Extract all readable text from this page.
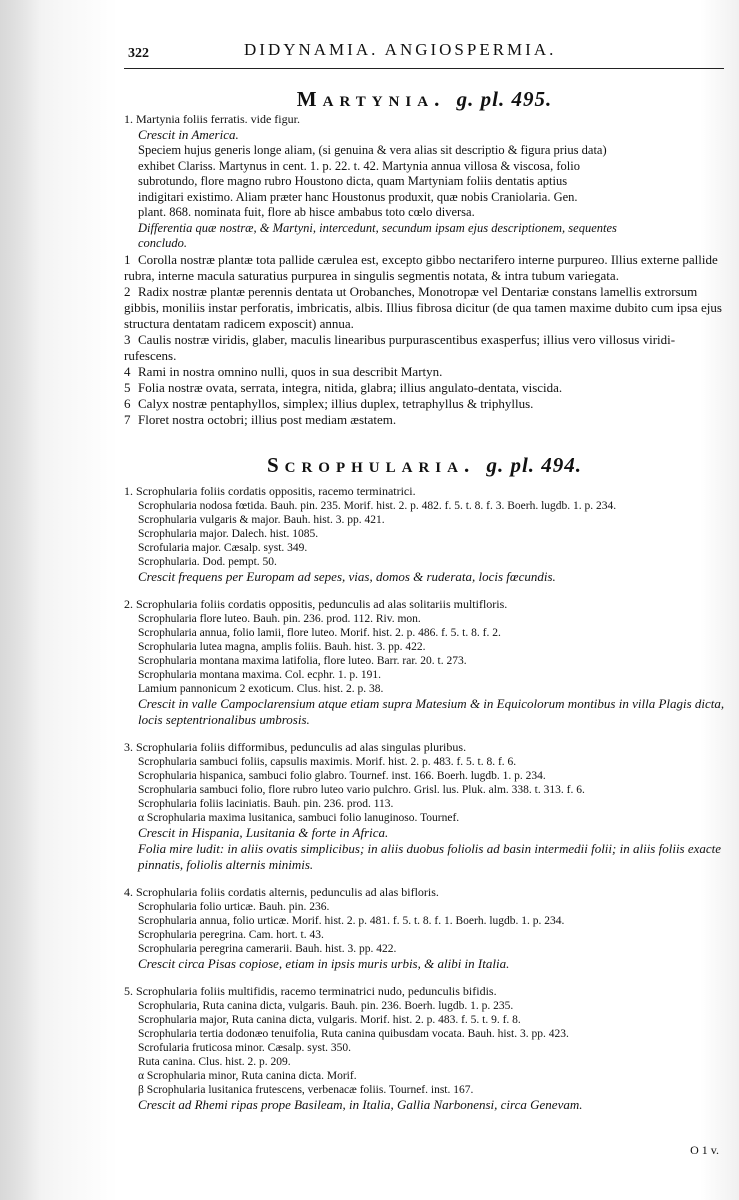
322	DIDYNAMIA. ANGIOSPERMIA.
Martynia. g. pl. 495.

1. Martynia foliis ferratis. vide figur.

Crescit in America.

Speciem hujus generis longe aliam, (si genuina & vera alias sit descriptio & figura prius data)

exhibet Clariss. Martynus in cent. 1. p. 22. t. 42. Martynia annua villosa & viscosa, folio

subrotundo, flore magno rubro Houstono dicta, quam Martyniam foliis dentatis aptius

indigitari existimo. Aliam præter hanc Houstonus produxit, quæ nobis Craniolaria. Gen.

plant. 868. nominata fuit, flore ab hisce ambabus toto cœlo diversa.

Differentia quæ nostræ, & Martyni, intercedunt, secundum ipsam ejus descriptionem, sequentes

concludo.

1 Corolla nostræ plantæ tota pallide cærulea est, excepto gibbo nectarifero interne purpureo. Illius externe pallide rubra, interne macula saturatius purpurea in singulis segmentis notata, & intra tubum variegata.

2 Radix nostræ plantæ perennis dentata ut Orobanches, Monotropæ vel Dentariæ constans lamellis extrorsum gibbis, moniliis instar perforatis, imbricatis, albis. Illius fibrosa dicitur (de qua tamen maxime dubito cum ipsa ejus structura dentatam radicem exposcit) annua.

3 Caulis nostræ viridis, glaber, maculis linearibus purpurascentibus exasperfus; illius vero villosus viridi-rufescens.

4 Rami in nostra omnino nulli, quos in sua describit Martyn.

5 Folia nostræ ovata, serrata, integra, nitida, glabra; illius angulato-dentata, viscida.

6 Calyx nostræ pentaphyllos, simplex; illius duplex, tetraphyllus & triphyllus.

7 Floret nostra octobri; illius post mediam æstatem.

Scrophularia. g. pl. 494.

1. Scrophularia foliis cordatis oppositis, racemo terminatrici.

Scrophularia nodosa fœtida. Bauh. pin. 235. Morif. hist. 2. p. 482. f. 5. t. 8. f. 3. Boerh. lugdb. 1. p. 234.

Scrophularia vulgaris & major. Bauh. hist. 3. pp. 421.

Scrophularia major. Dalech. hist. 1085.

Scrofularia major. Cæsalp. syst. 349.

Scrophularia. Dod. pempt. 50.

Crescit frequens per Europam ad sepes, vias, domos & ruderata, locis fœcundis.

2. Scrophularia foliis cordatis oppositis, pedunculis ad alas solitariis multifloris.

Scrophularia flore luteo. Bauh. pin. 236. prod. 112. Riv. mon.

Scrophularia annua, folio lamii, flore luteo. Morif. hist. 2. p. 486. f. 5. t. 8. f. 2.

Scrophularia lutea magna, amplis foliis. Bauh. hist. 3. pp. 422.

Scrophularia montana maxima latifolia, flore luteo. Barr. rar. 20. t. 273.

Scrophularia montana maxima. Col. ecphr. 1. p. 191.

Lamium pannonicum 2 exoticum. Clus. hist. 2. p. 38.

Crescit in valle Campoclarensium atque etiam supra Matesium & in Equicolorum montibus in villa Plagis dicta, locis septentrionalibus umbrosis.

3. Scrophularia foliis difformibus, pedunculis ad alas singulas pluribus.

Scrophularia sambuci foliis, capsulis maximis. Morif. hist. 2. p. 483. f. 5. t. 8. f. 6.

Scrophularia hispanica, sambuci folio glabro. Tournef. inst. 166. Boerh. lugdb. 1. p. 234.

Scrophularia sambuci folio, flore rubro luteo vario pulchro. Grisl. lus. Pluk. alm. 338. t. 313. f. 6.

Scrophularia foliis laciniatis. Bauh. pin. 236. prod. 113.

α Scrophularia maxima lusitanica, sambuci folio lanuginoso. Tournef.

Crescit in Hispania, Lusitania & forte in Africa.

Folia mire ludit: in aliis ovatis simplicibus; in aliis duobus foliolis ad basin intermedii folii; in aliis foliis exacte pinnatis, foliolis alternis minimis.

4. Scrophularia foliis cordatis alternis, pedunculis ad alas bifloris.

Scrophularia folio urticæ. Bauh. pin. 236.

Scrophularia annua, folio urticæ. Morif. hist. 2. p. 481. f. 5. t. 8. f. 1. Boerh. lugdb. 1. p. 234.

Scrophularia peregrina. Cam. hort. t. 43.

Scrophularia peregrina camerarii. Bauh. hist. 3. pp. 422.

Crescit circa Pisas copiose, etiam in ipsis muris urbis, & alibi in Italia.

5. Scrophularia foliis multifidis, racemo terminatrici nudo, pedunculis bifidis.

Scrophularia, Ruta canina dicta, vulgaris. Bauh. pin. 236. Boerh. lugdb. 1. p. 235.

Scrophularia major, Ruta canina dicta, vulgaris. Morif. hist. 2. p. 483. f. 5. t. 9. f. 8.

Scrophularia tertia dodonæo tenuifolia, Ruta canina quibusdam vocata. Bauh. hist. 3. pp. 423.

Scrofularia fruticosa minor. Cæsalp. syst. 350.

Ruta canina. Clus. hist. 2. p. 209.

α Scrophularia minor, Ruta canina dicta. Morif.

β Scrophularia lusitanica frutescens, verbenacæ foliis. Tournef. inst. 167.

Crescit ad Rhemi ripas prope Basileam, in Italia, Gallia Narbonensi, circa Genevam.

O 1 v.
